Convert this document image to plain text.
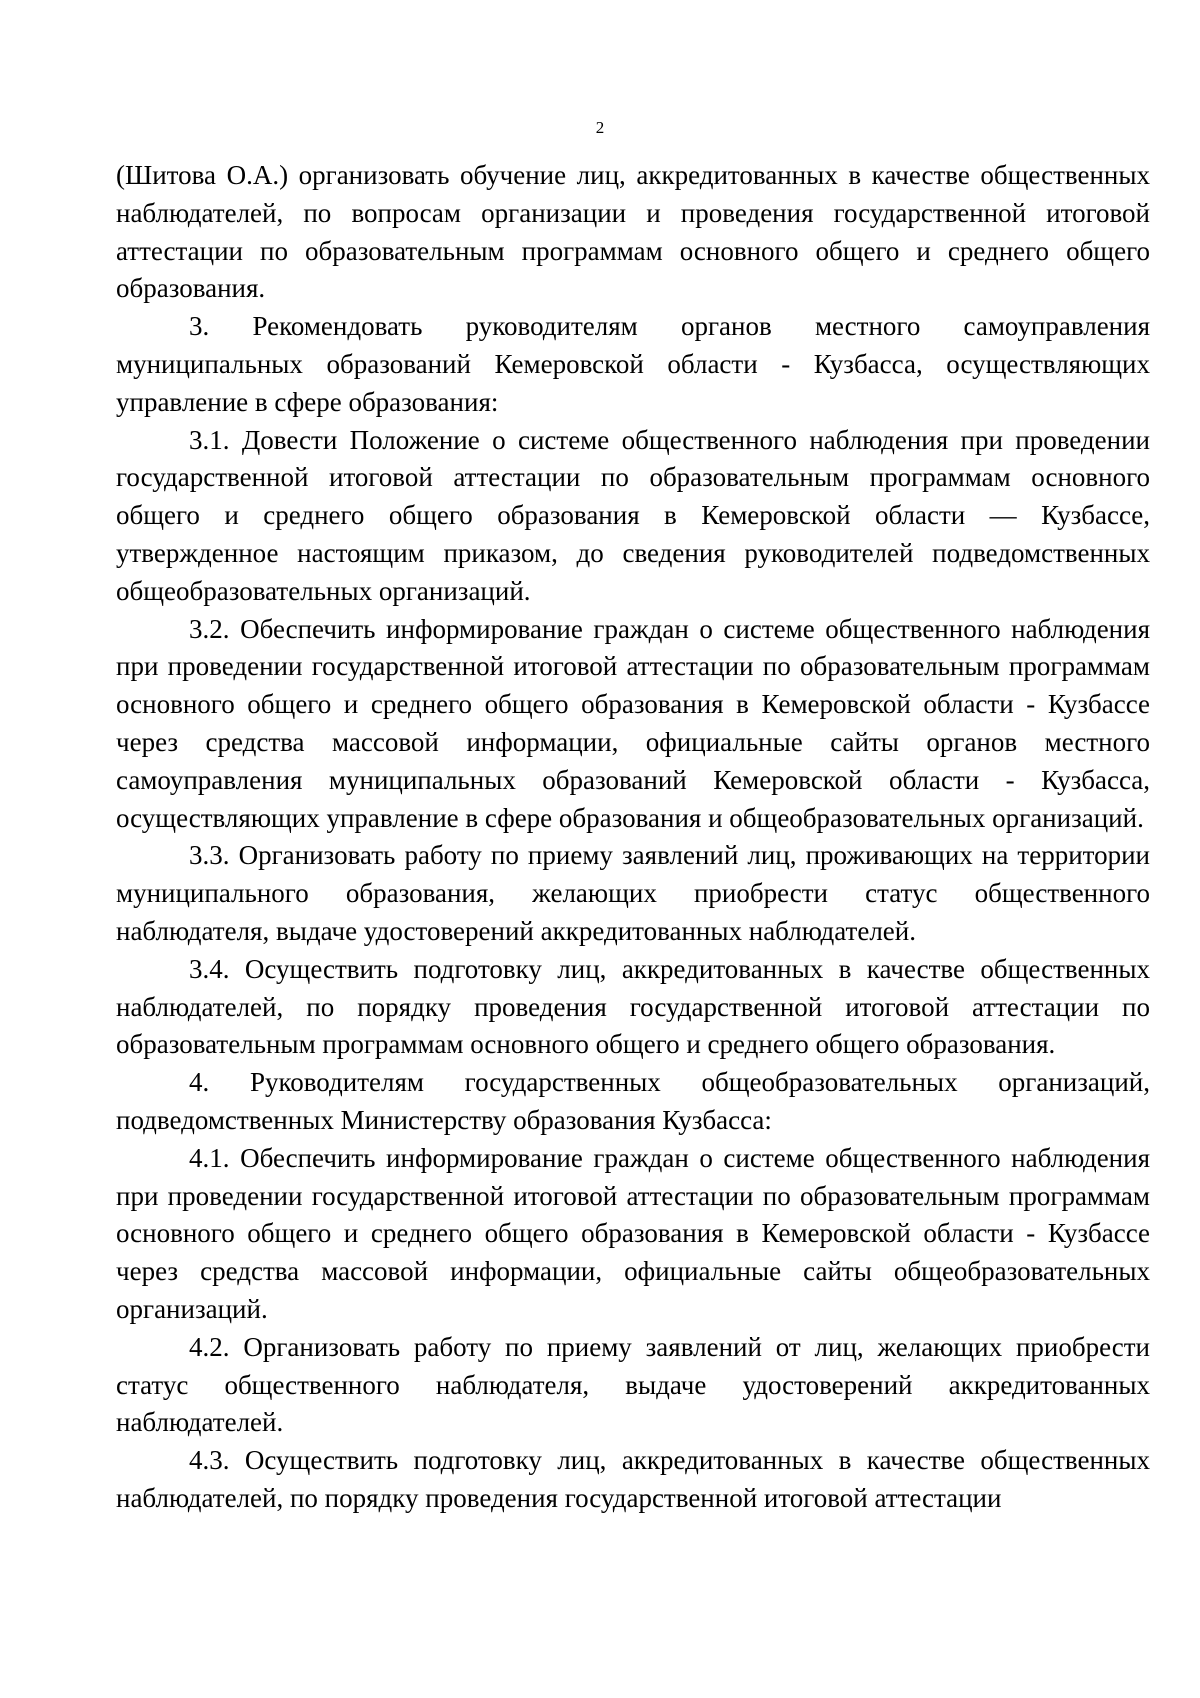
2

(Шитова О.А.) организовать обучение лиц, аккредитованных в качестве общественных наблюдателей, по вопросам организации и проведения государственной итоговой аттестации по образовательным программам основного общего и среднего общего образования.

3. Рекомендовать руководителям органов местного самоуправления муниципальных образований Кемеровской области - Кузбасса, осуществляющих управление в сфере образования:

3.1. Довести Положение о системе общественного наблюдения при проведении государственной итоговой аттестации по образовательным программам основного общего и среднего общего образования в Кемеровской области — Кузбассе, утвержденное настоящим приказом, до сведения руководителей подведомственных общеобразовательных организаций.

3.2. Обеспечить информирование граждан о системе общественного наблюдения при проведении государственной итоговой аттестации по образовательным программам основного общего и среднего общего образования в Кемеровской области - Кузбассе через средства массовой информации, официальные сайты органов местного самоуправления муниципальных образований Кемеровской области - Кузбасса, осуществляющих управление в сфере образования и общеобразовательных организаций.

3.3. Организовать работу по приему заявлений лиц, проживающих на территории муниципального образования, желающих приобрести статус общественного наблюдателя, выдаче удостоверений аккредитованных наблюдателей.

3.4. Осуществить подготовку лиц, аккредитованных в качестве общественных наблюдателей, по порядку проведения государственной итоговой аттестации по образовательным программам основного общего и среднего общего образования.

4. Руководителям государственных общеобразовательных организаций, подведомственных Министерству образования Кузбасса:

4.1. Обеспечить информирование граждан о системе общественного наблюдения при проведении государственной итоговой аттестации по образовательным программам основного общего и среднего общего образования в Кемеровской области - Кузбассе через средства массовой информации, официальные сайты общеобразовательных организаций.

4.2. Организовать работу по приему заявлений от лиц, желающих приобрести статус общественного наблюдателя, выдаче удостоверений аккредитованных наблюдателей.

4.3. Осуществить подготовку лиц, аккредитованных в качестве общественных наблюдателей, по порядку проведения государственной итоговой аттестации
